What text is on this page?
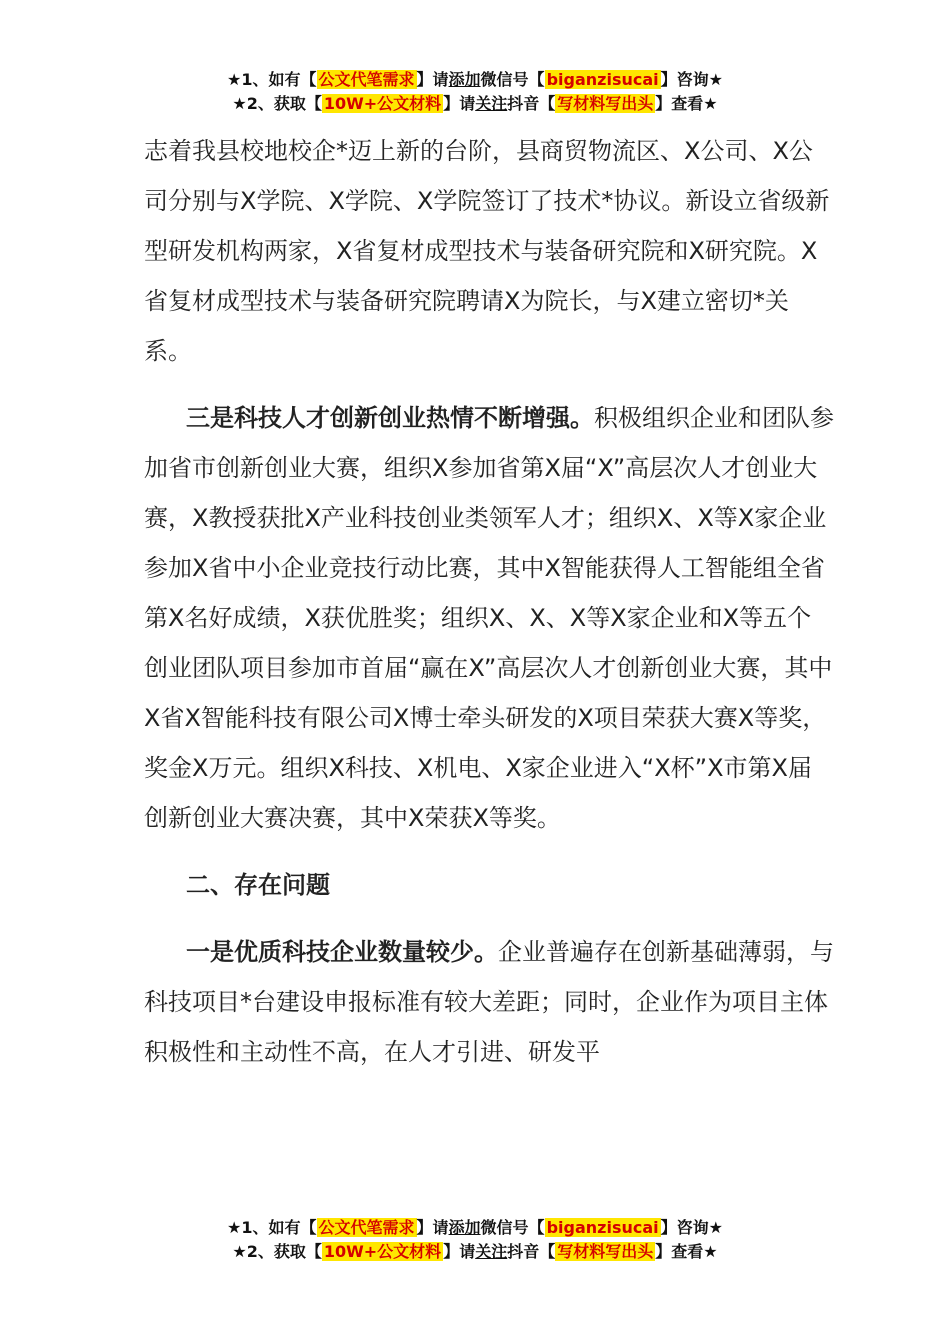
★1、如有【 公文代笔需求 】请添加微信号【 biganzisucai 】咨询★
★2、获取【 10W+公文材料 】请关注抖音【 写材料写出头 】查看★

志着我县校地校企*迈上新的台阶，县商贸物流区、X公司、X公司分别与X学院、X学院、X学院签订了技术*协议。新设立省级新型研发机构两家，X省复材成型技术与装备研究院和X研究院。X省复材成型技术与装备研究院聘请X为院长，与X建立密切*关系。

三是科技人才创新创业热情不断增强。积极组织企业和团队参加省市创新创业大赛，组织X参加省第X届“X”高层次人才创业大赛，X教授获批X产业科技创业类领军人才；组织X、X等X家企业参加X省中小企业竞技行动比赛，其中X智能获得人工智能组全省第X名好成绩，X获优胜奖；组织X、X、X等X家企业和X等五个创业团队项目参加市首届“赢在X”高层次人才创新创业大赛，其中X省X智能科技有限公司X博士牵头研发的X项目荣获大赛X等奖，奖金X万元。组织X科技、X机电、X家企业进入“X杯”X市第X届创新创业大赛决赛，其中X荣获X等奖。

二、存在问题

一是优质科技企业数量较少。企业普遍存在创新基础薄弱，与科技项目*台建设申报标准有较大差距；同时，企业作为项目主体积极性和主动性不高，在人才引进、研发平

★1、如有【 公文代笔需求 】请添加微信号【 biganzisucai 】咨询★
★2、获取【 10W+公文材料 】请关注抖音【 写材料写出头 】查看★
